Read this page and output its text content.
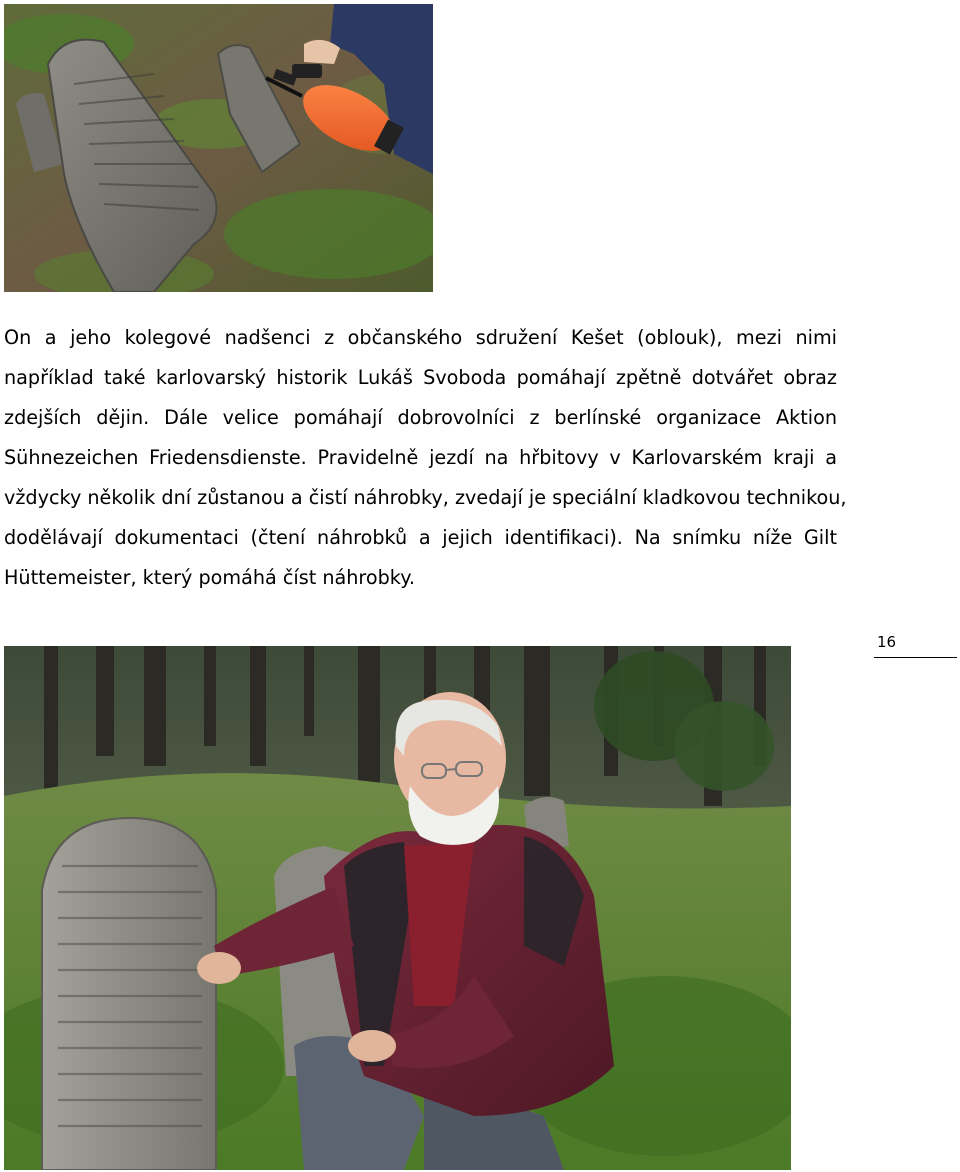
On a jeho kolegové nadšenci z občanského sdružení Kešet (oblouk), mezi nimi
například také karlovarský historik Lukáš Svoboda pomáhají zpětně dotvářet obraz
zdejších dějin. Dále velice pomáhají dobrovolníci z berlínské organizace Aktion
Sühnezeichen Friedensdienste. Pravidelně jezdí na hřbitovy v Karlovarském kraji a
vždycky několik dní zůstanou a čistí náhrobky, zvedají je speciální kladkovou technikou,
dodělávají dokumentaci (čtení náhrobků a jejich identifikaci). Na snímku níže Gilt
Hüttemeister, který pomáhá číst náhrobky.
16
